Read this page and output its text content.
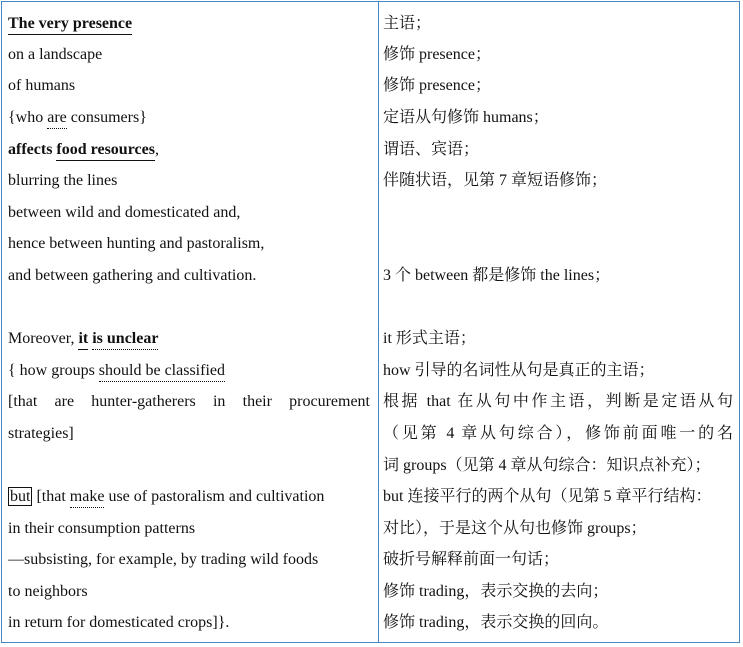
The very presence
on a landscape
of humans
{who are consumers}
affects food resources,
blurring the lines
between wild and domesticated and,
hence between hunting and pastoralism,
and between gathering and cultivation.
Moreover, it is unclear
{ how groups should be classified
[that are hunter-gatherers in their procurement
strategies]
but [that make use of pastoralism and cultivation
in their consumption patterns
—subsisting, for example, by trading wild foods
to neighbors
in return for domesticated crops]}.
主语；
修饰 presence；
修饰 presence；
定语从句修饰 humans；
谓语、宾语；
伴随状语，见第 7 章短语修饰；
3 个 between 都是修饰 the lines；
it 形式主语；
how 引导的名词性从句是真正的主语；
根据 that 在从句中作主语，判断是定语从句
（见第 4 章从句综合），修饰前面唯一的名
词 groups（见第 4 章从句综合：知识点补充）；
but 连接平行的两个从句（见第 5 章平行结构：
对比），于是这个从句也修饰 groups；
破折号解释前面一句话；
修饰 trading，表示交换的去向；
修饰 trading，表示交换的回向。
